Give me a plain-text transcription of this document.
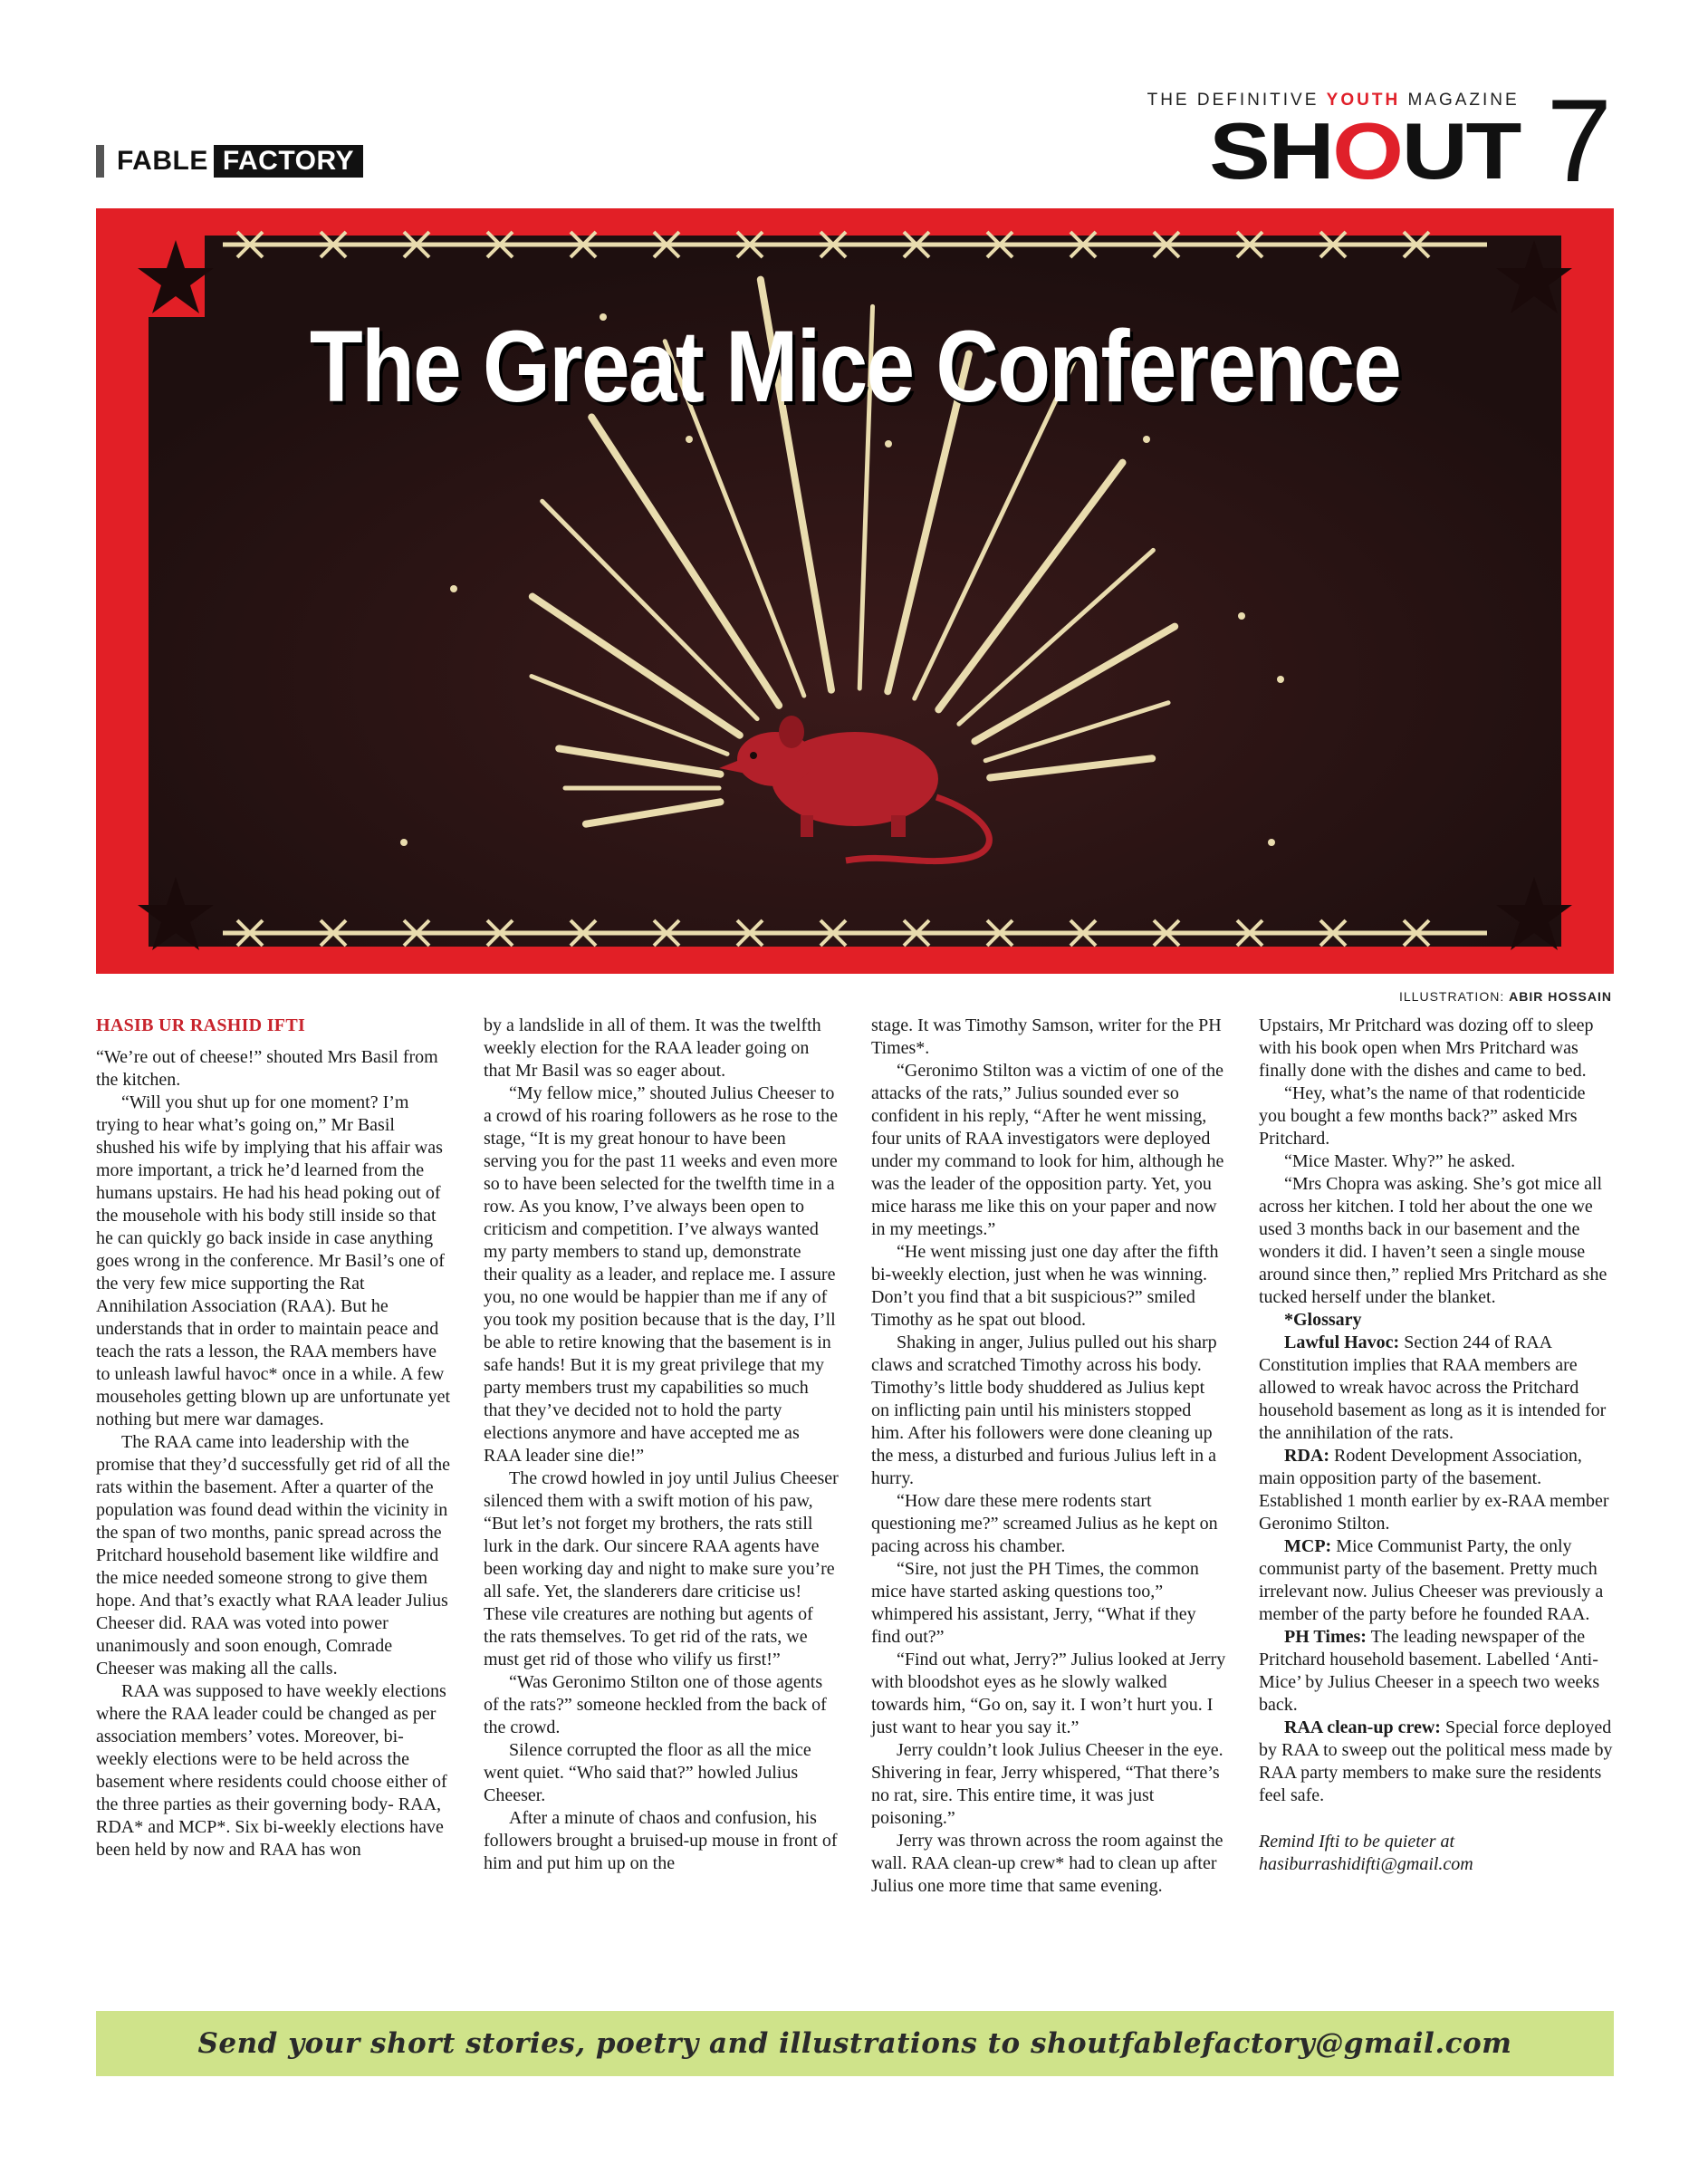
FABLE FACTORY
THE DEFINITIVE YOUTH MAGAZINE
SHOUT 7
The Great Mice Conference
ILLUSTRATION: ABIR HOSSAIN
HASIB UR RASHID IFTI

“We’re out of cheese!” shouted Mrs Basil from the kitchen.

“Will you shut up for one moment? I’m trying to hear what’s going on,” Mr Basil shushed his wife by implying that his affair was more important, a trick he’d learned from the humans upstairs. He had his head poking out of the mousehole with his body still inside so that he can quickly go back inside in case anything goes wrong in the conference. Mr Basil’s one of the very few mice supporting the Rat Annihilation Association (RAA). But he understands that in order to maintain peace and teach the rats a lesson, the RAA members have to unleash lawful havoc* once in a while. A few mouseholes getting blown up are unfortunate yet nothing but mere war damages.

The RAA came into leadership with the promise that they’d successfully get rid of all the rats within the basement. After a quarter of the population was found dead within the vicinity in the span of two months, panic spread across the Pritchard household basement like wildfire and the mice needed someone strong to give them hope. And that’s exactly what RAA leader Julius Cheeser did. RAA was voted into power unanimously and soon enough, Comrade Cheeser was making all the calls.

RAA was supposed to have weekly elections where the RAA leader could be changed as per association members’ votes. Moreover, bi-weekly elections were to be held across the basement where residents could choose either of the three parties as their governing body- RAA, RDA* and MCP*. Six bi-weekly elections have been held by now and RAA has won

by a landslide in all of them. It was the twelfth weekly election for the RAA leader going on that Mr Basil was so eager about.

“My fellow mice,” shouted Julius Cheeser to a crowd of his roaring followers as he rose to the stage, “It is my great honour to have been serving you for the past 11 weeks and even more so to have been selected for the twelfth time in a row. As you know, I’ve always been open to criticism and competition. I’ve always wanted my party members to stand up, demonstrate their quality as a leader, and replace me. I assure you, no one would be happier than me if any of you took my position because that is the day, I’ll be able to retire knowing that the basement is in safe hands! But it is my great privilege that my party members trust my capabilities so much that they’ve decided not to hold the party elections anymore and have accepted me as RAA leader sine die!”

The crowd howled in joy until Julius Cheeser silenced them with a swift motion of his paw, “But let’s not forget my brothers, the rats still lurk in the dark. Our sincere RAA agents have been working day and night to make sure you’re all safe. Yet, the slanderers dare criticise us! These vile creatures are nothing but agents of the rats themselves. To get rid of the rats, we must get rid of those who vilify us first!”

“Was Geronimo Stilton one of those agents of the rats?” someone heckled from the back of the crowd.

Silence corrupted the floor as all the mice went quiet. “Who said that?” howled Julius Cheeser.

After a minute of chaos and confusion, his followers brought a bruised-up mouse in front of him and put him up on the

stage. It was Timothy Samson, writer for the PH Times*.

“Geronimo Stilton was a victim of one of the attacks of the rats,” Julius sounded ever so confident in his reply, “After he went missing, four units of RAA investigators were deployed under my command to look for him, although he was the leader of the opposition party. Yet, you mice harass me like this on your paper and now in my meetings.”

“He went missing just one day after the fifth bi-weekly election, just when he was winning. Don’t you find that a bit suspicious?” smiled Timothy as he spat out blood.

Shaking in anger, Julius pulled out his sharp claws and scratched Timothy across his body. Timothy’s little body shuddered as Julius kept on inflicting pain until his ministers stopped him. After his followers were done cleaning up the mess, a disturbed and furious Julius left in a hurry.

“How dare these mere rodents start questioning me?” screamed Julius as he kept on pacing across his chamber.

“Sire, not just the PH Times, the common mice have started asking questions too,” whimpered his assistant, Jerry, “What if they find out?”

“Find out what, Jerry?” Julius looked at Jerry with bloodshot eyes as he slowly walked towards him, “Go on, say it. I won’t hurt you. I just want to hear you say it.”

Jerry couldn’t look Julius Cheeser in the eye. Shivering in fear, Jerry whispered, “That there’s no rat, sire. This entire time, it was just poisoning.”

Jerry was thrown across the room against the wall. RAA clean-up crew* had to clean up after Julius one more time that same evening.

Upstairs, Mr Pritchard was dozing off to sleep with his book open when Mrs Pritchard was finally done with the dishes and came to bed.

“Hey, what’s the name of that rodenticide you bought a few months back?” asked Mrs Pritchard.

“Mice Master. Why?” he asked.

“Mrs Chopra was asking. She’s got mice all across her kitchen. I told her about the one we used 3 months back in our basement and the wonders it did. I haven’t seen a single mouse around since then,” replied Mrs Pritchard as she tucked herself under the blanket.

*Glossary

Lawful Havoc: Section 244 of RAA Constitution implies that RAA members are allowed to wreak havoc across the Pritchard household basement as long as it is intended for the annihilation of the rats.

RDA: Rodent Development Association, main opposition party of the basement. Established 1 month earlier by ex-RAA member Geronimo Stilton.

MCP: Mice Communist Party, the only communist party of the basement. Pretty much irrelevant now. Julius Cheeser was previously a member of the party before he founded RAA.

PH Times: The leading newspaper of the Pritchard household basement. Labelled ‘Anti-Mice’ by Julius Cheeser in a speech two weeks back.

RAA clean-up crew: Special force deployed by RAA to sweep out the political mess made by RAA party members to make sure the residents feel safe.

Remind Ifti to be quieter at hasiburrashidifti@gmail.com

Send your short stories, poetry and illustrations to shoutfablefactory@gmail.com
